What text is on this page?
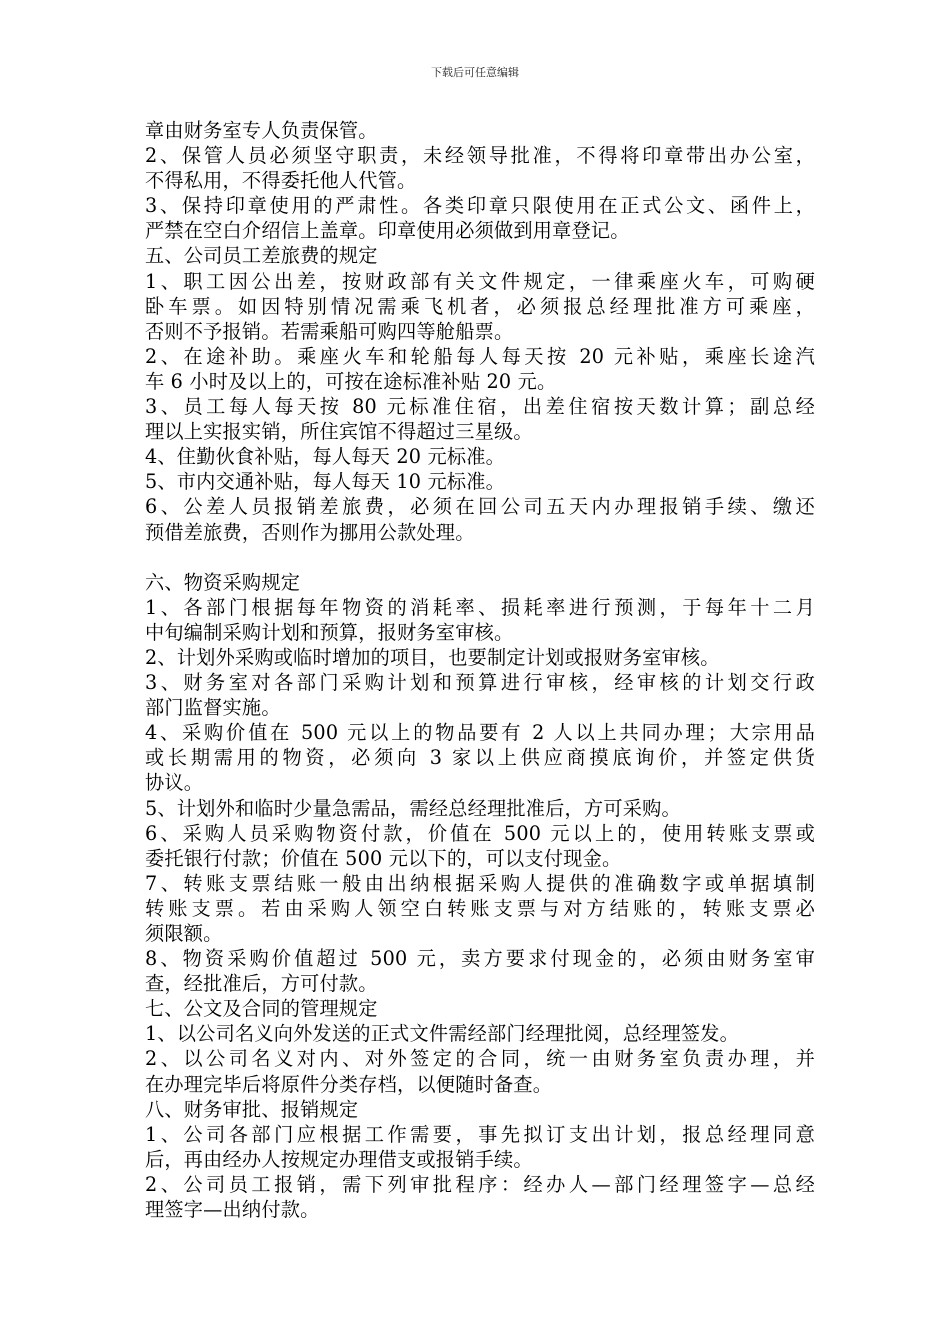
下载后可任意编辑
章由财务室专人负责保管。
2、保管人员必须坚守职责，未经领导批准，不得将印章带出办公室，
不得私用，不得委托他人代管。
3、保持印章使用的严肃性。各类印章只限使用在正式公文、函件上，
严禁在空白介绍信上盖章。印章使用必须做到用章登记。
五、公司员工差旅费的规定
1、职工因公出差，按财政部有关文件规定，一律乘座火车，可购硬
卧车票。如因特别情况需乘飞机者，必须报总经理批准方可乘座，
否则不予报销。若需乘船可购四等舱船票。
2、在途补助。乘座火车和轮船每人每天按 20 元补贴，乘座长途汽
车 6 小时及以上的，可按在途标准补贴 20 元。
3、员工每人每天按 80 元标准住宿，出差住宿按天数计算；副总经
理以上实报实销，所住宾馆不得超过三星级。
4、住勤伙食补贴，每人每天 20 元标准。
5、市内交通补贴，每人每天 10 元标准。
6、公差人员报销差旅费，必须在回公司五天内办理报销手续、缴还
预借差旅费，否则作为挪用公款处理。
六、物资采购规定
1、各部门根据每年物资的消耗率、损耗率进行预测，于每年十二月
中旬编制采购计划和预算，报财务室审核。
2、计划外采购或临时增加的项目，也要制定计划或报财务室审核。
3、财务室对各部门采购计划和预算进行审核，经审核的计划交行政
部门监督实施。
4、采购价值在 500 元以上的物品要有 2 人以上共同办理；大宗用品
或长期需用的物资，必须向 3 家以上供应商摸底询价，并签定供货
协议。
5、计划外和临时少量急需品，需经总经理批准后，方可采购。
6、采购人员采购物资付款，价值在 500 元以上的，使用转账支票或
委托银行付款；价值在 500 元以下的，可以支付现金。
7、转账支票结账一般由出纳根据采购人提供的准确数字或单据填制
转账支票。若由采购人领空白转账支票与对方结账的，转账支票必
须限额。
8、物资采购价值超过 500 元，卖方要求付现金的，必须由财务室审
查，经批准后，方可付款。
七、公文及合同的管理规定
1、以公司名义向外发送的正式文件需经部门经理批阅，总经理签发。
2、以公司名义对内、对外签定的合同，统一由财务室负责办理，并
在办理完毕后将原件分类存档，以便随时备查。
八、财务审批、报销规定
1、公司各部门应根据工作需要，事先拟订支出计划，报总经理同意
后，再由经办人按规定办理借支或报销手续。
2、公司员工报销，需下列审批程序：经办人—部门经理签字—总经
理签字—出纳付款。
